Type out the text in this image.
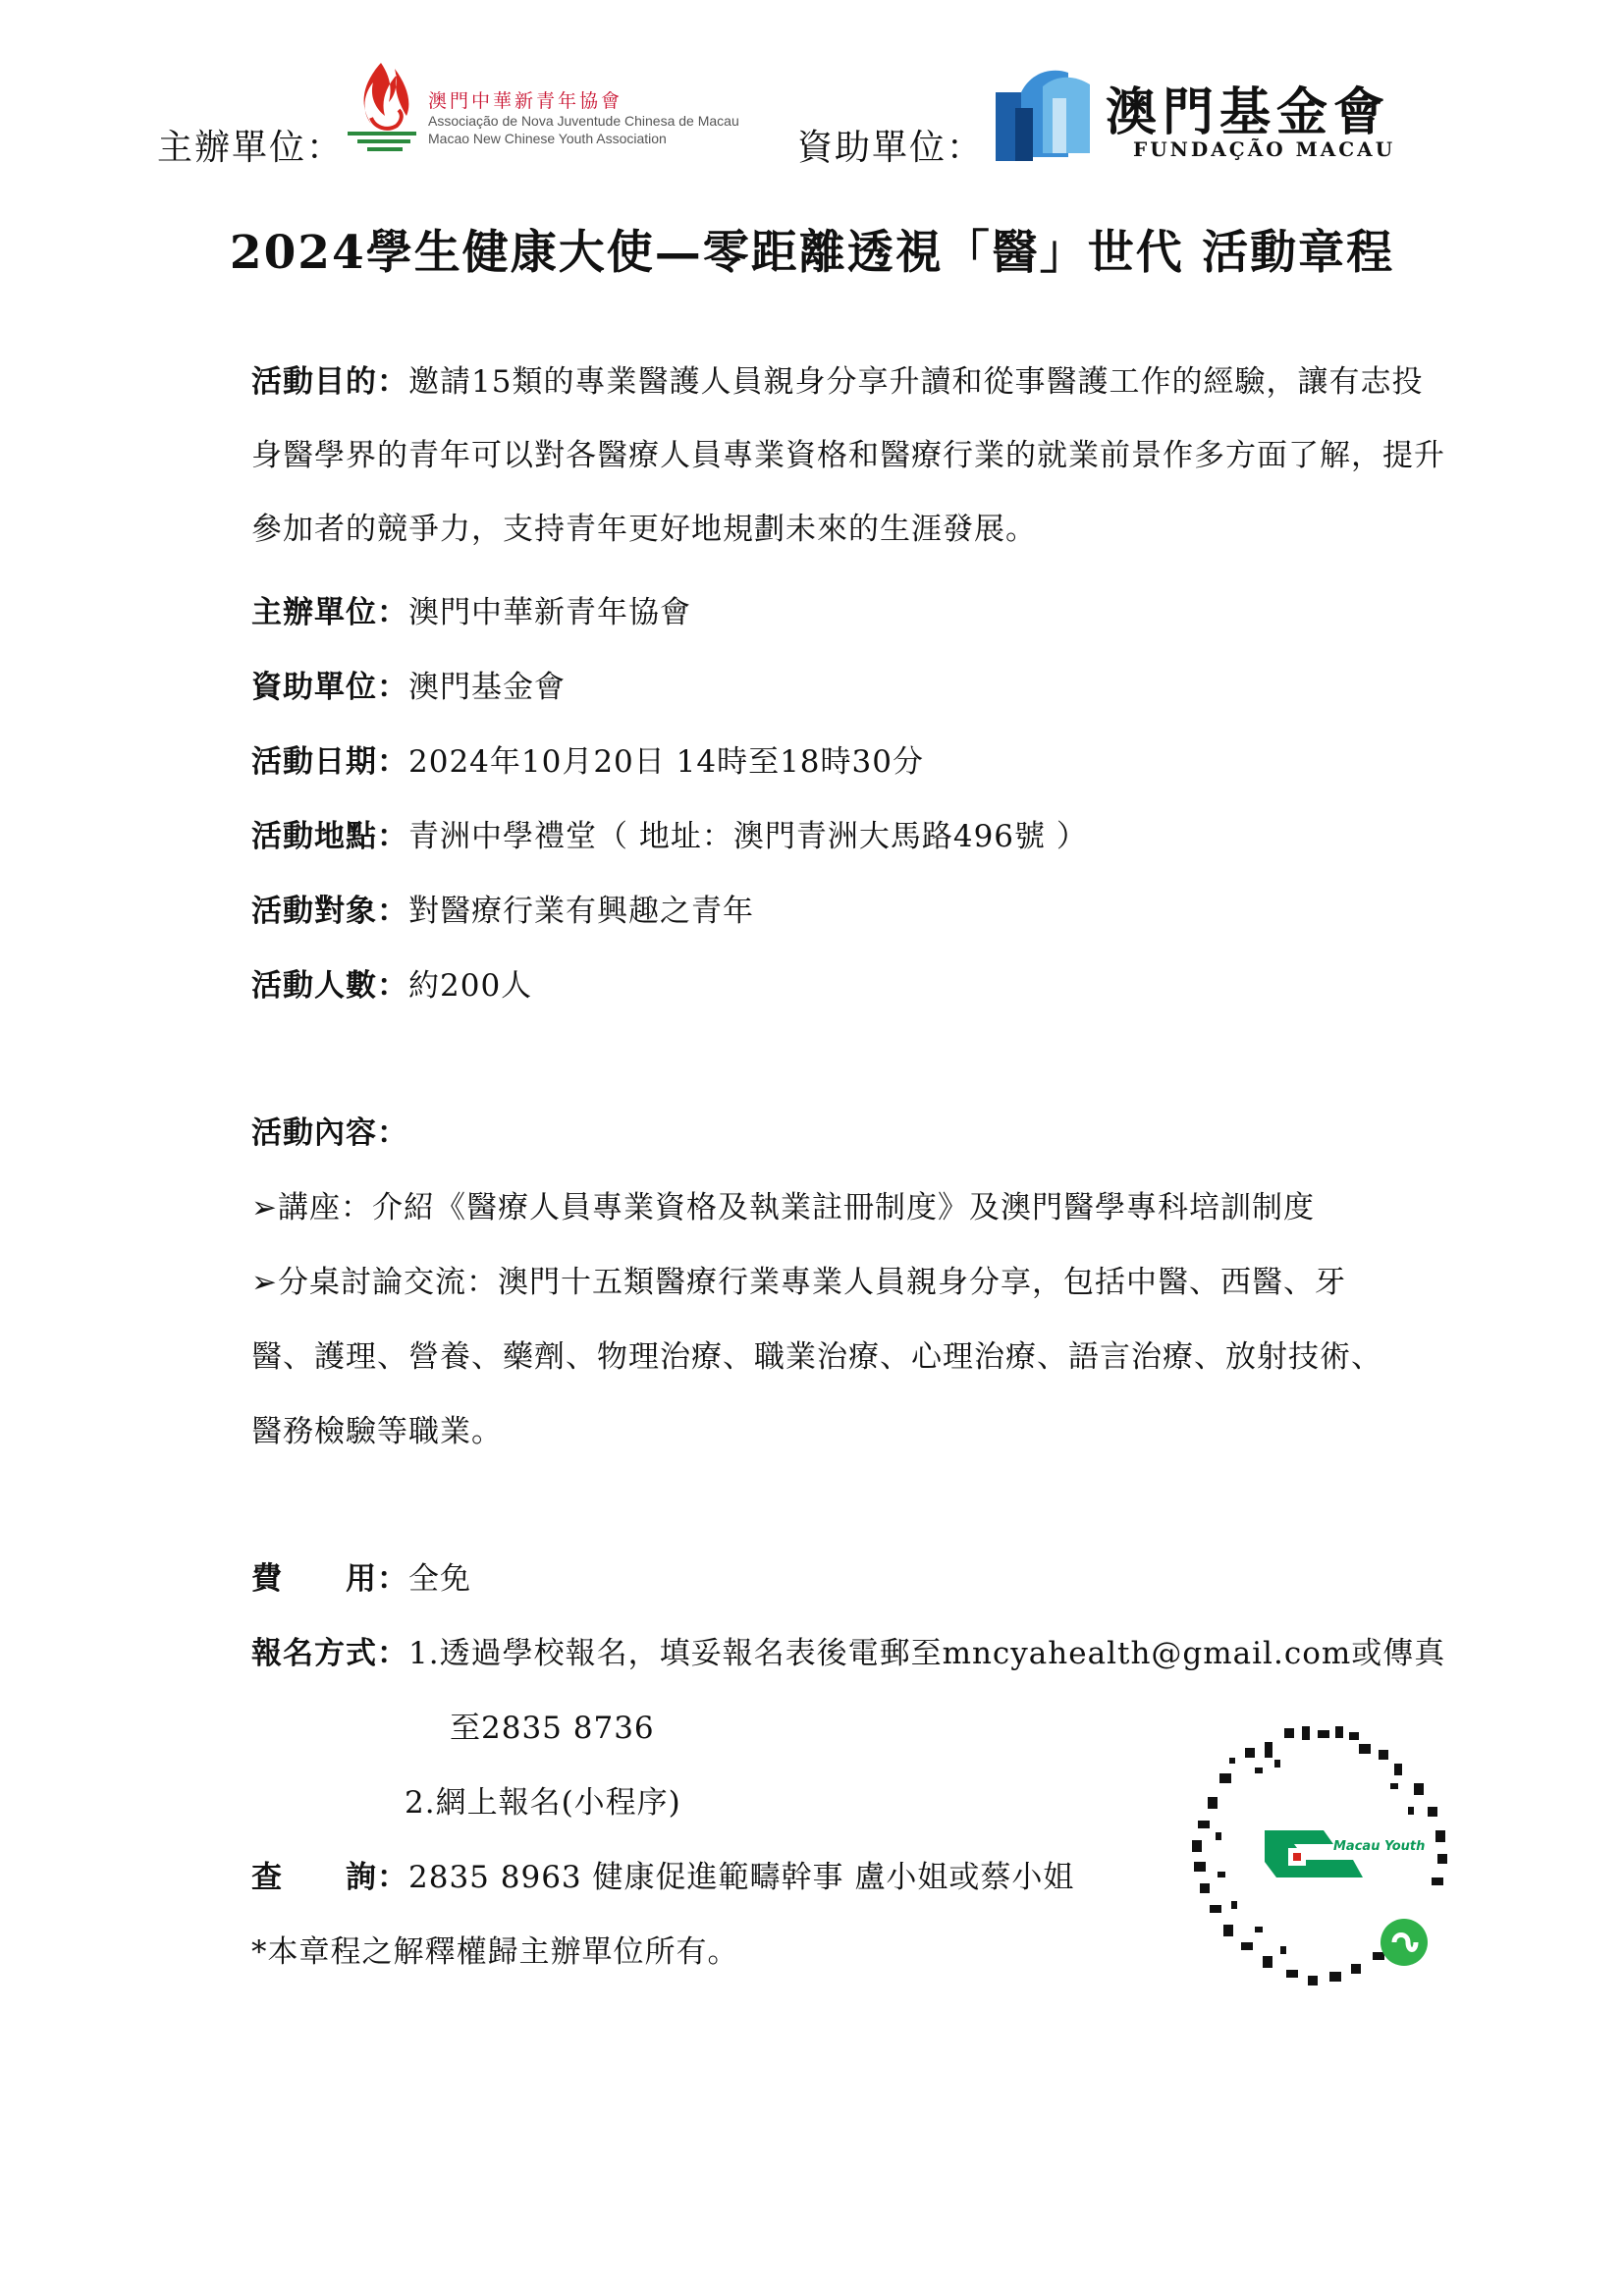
主辦單位：
澳門中華新青年協會
Associação de Nova Juventude Chinesa de Macau
Macao New Chinese Youth Association	資助單位：
澳門基金會
FUNDAÇÃO MACAU
2024學生健康大使—零距離透視「醫」世代 活動章程
活動目的：邀請15類的專業醫護人員親身分享升讀和從事醫護工作的經驗，讓有志投身醫學界的青年可以對各醫療人員專業資格和醫療行業的就業前景作多方面了解，提升參加者的競爭力，支持青年更好地規劃未來的生涯發展。
主辦單位：澳門中華新青年協會
資助單位：澳門基金會
活動日期：2024年10月20日 14時至18時30分
活動地點：青洲中學禮堂（ 地址：澳門青洲大馬路496號 ）
活動對象：對醫療行業有興趣之青年
活動人數：約200人
活動內容：
➢講座：介紹《醫療人員專業資格及執業註冊制度》及澳門醫學專科培訓制度
➢分桌討論交流：澳門十五類醫療行業專業人員親身分享，包括中醫、西醫、牙
醫、護理、營養、藥劑、物理治療、職業治療、心理治療、語言治療、放射技術、
醫務檢驗等職業。
費　　用：全免
報名方式：1.透過學校報名，填妥報名表後電郵至mncyahealth@gmail.com或傳真
至2835 8736
2.網上報名(小程序)
查　　詢：2835 8963 健康促進範疇幹事 盧小姐或蔡小姐
*本章程之解釋權歸主辦單位所有。
Macau Youth
